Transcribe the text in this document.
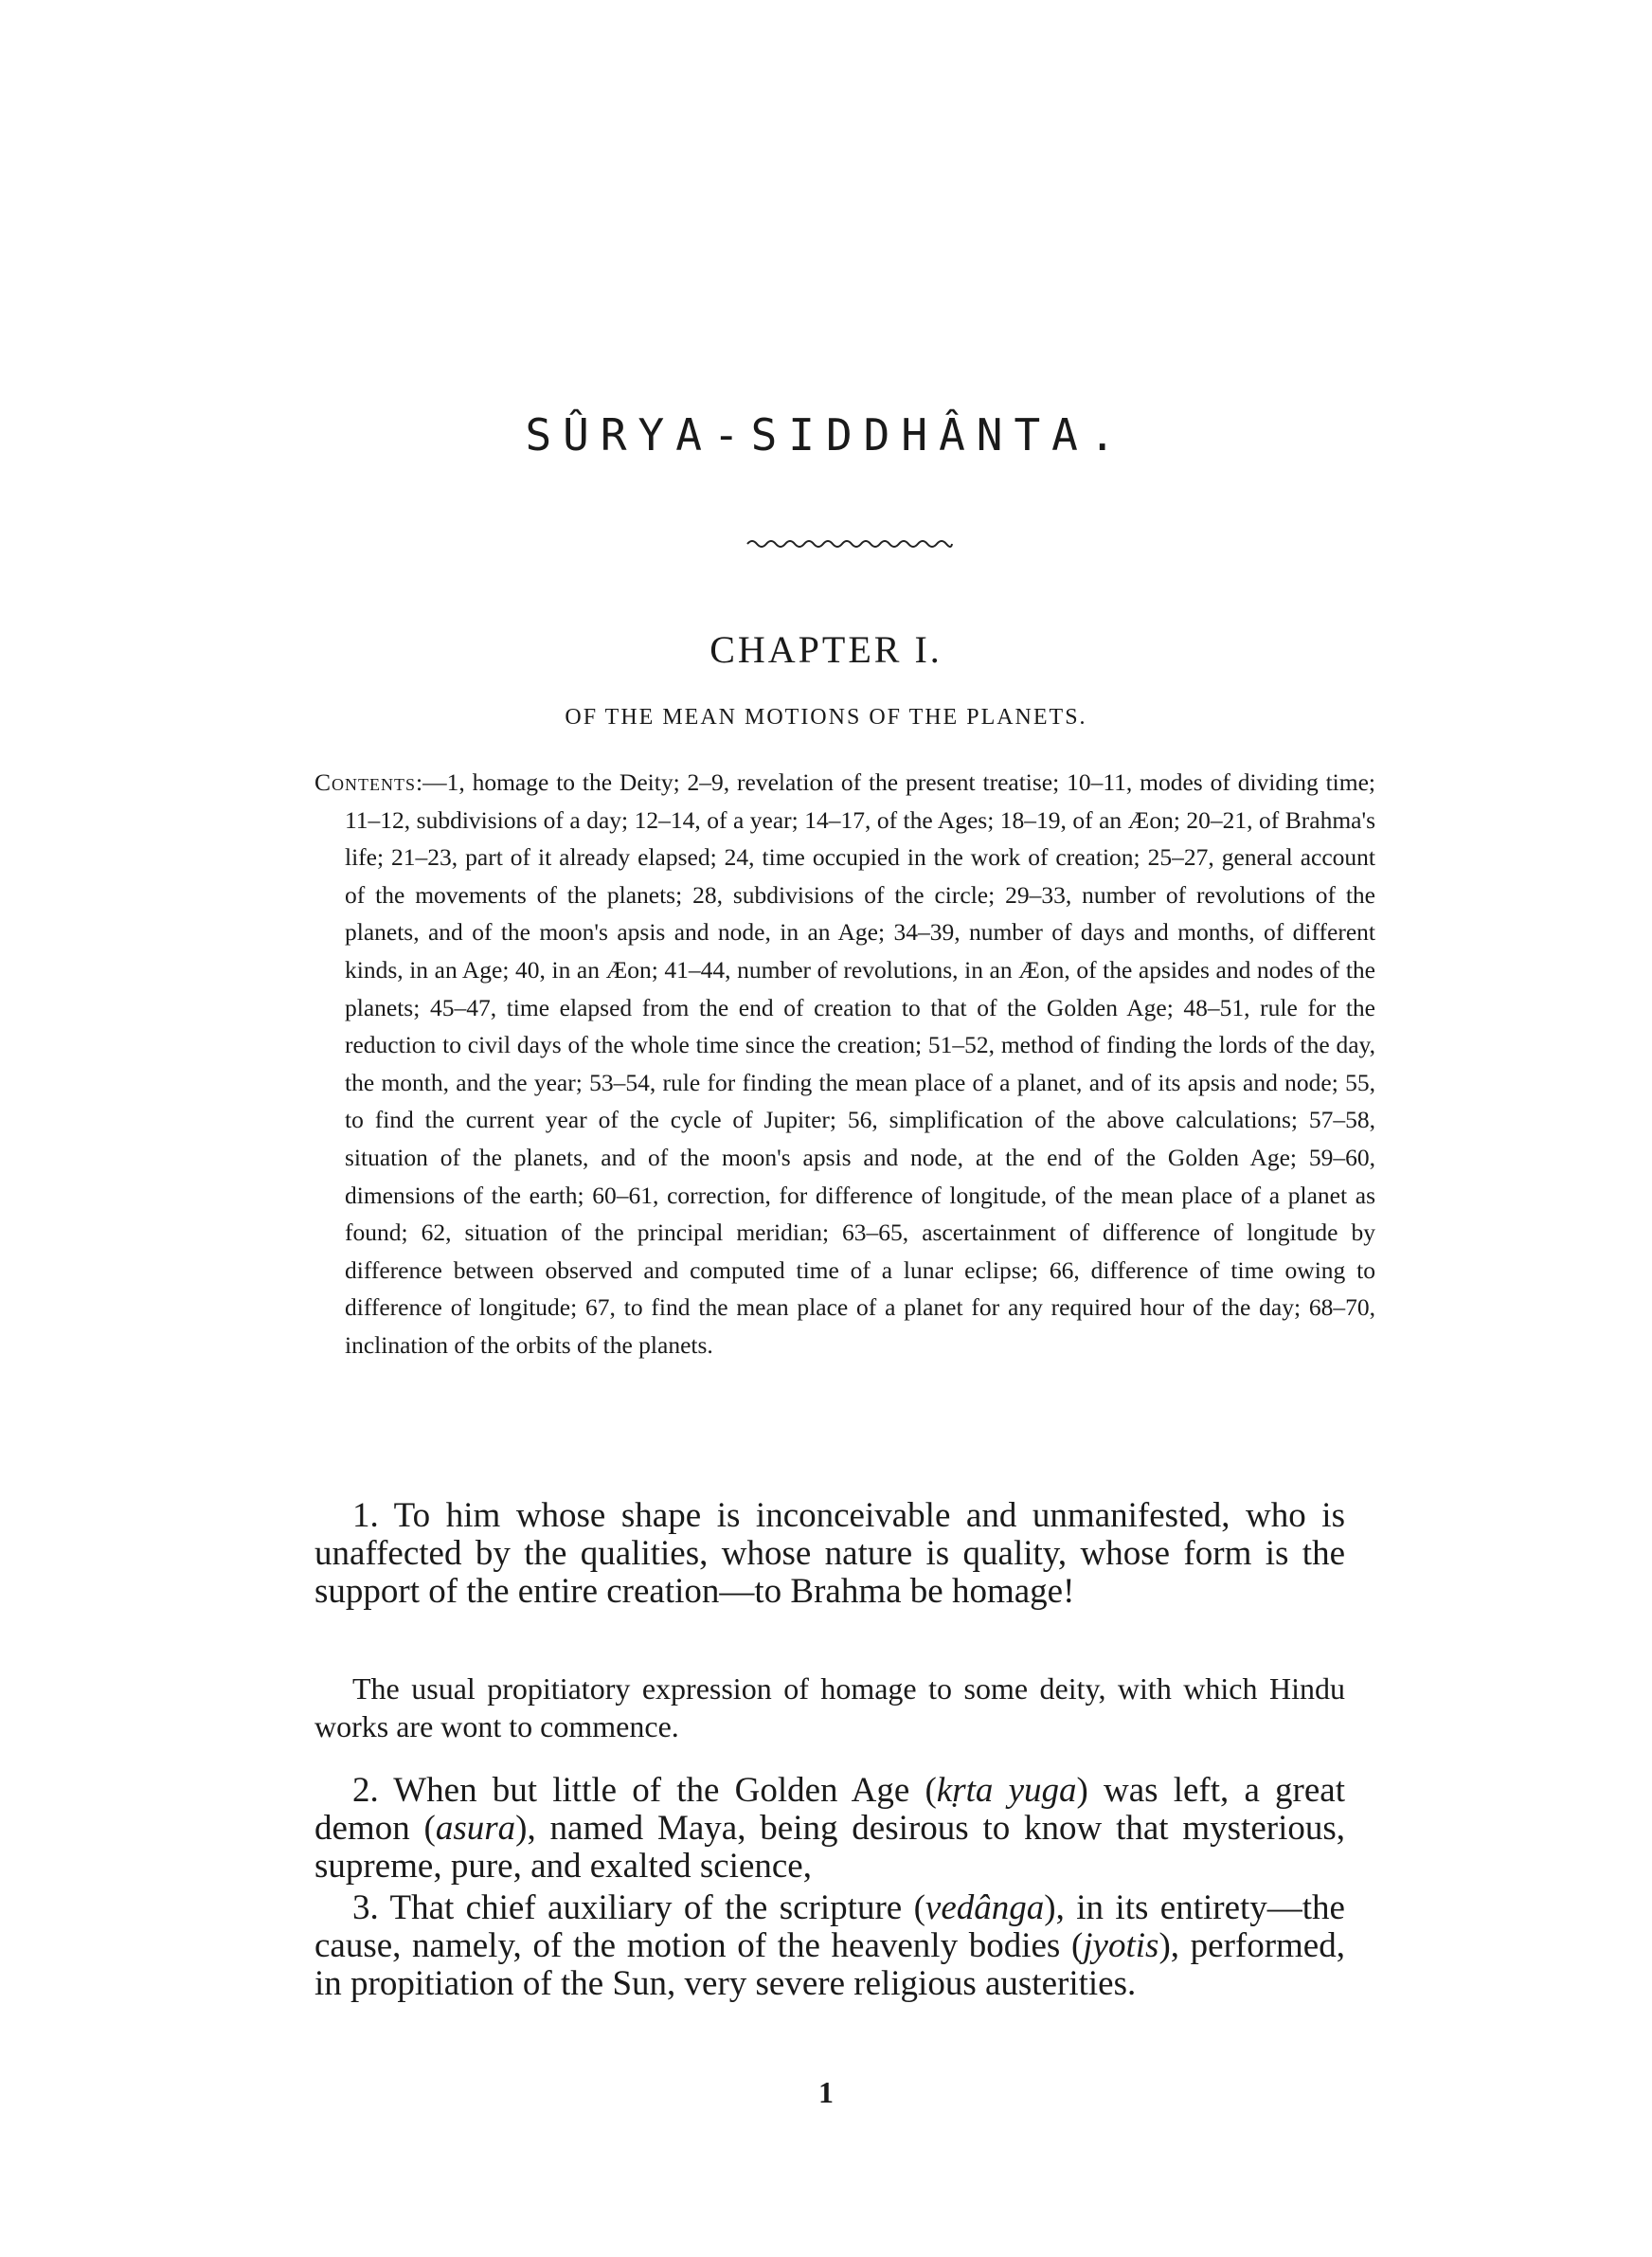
SÛRYA-SIDDHÂNTA.
CHAPTER I.

OF THE MEAN MOTIONS OF THE PLANETS.

Contents:—1, homage to the Deity; 2–9, revelation of the present treatise; 10–11, modes of dividing time; 11–12, subdivisions of a day; 12–14, of a year; 14–17, of the Ages; 18–19, of an Æon; 20–21, of Brahma's life; 21–23, part of it already elapsed; 24, time occupied in the work of creation; 25–27, general account of the movements of the planets; 28, subdivisions of the circle; 29–33, number of revolutions of the planets, and of the moon's apsis and node, in an Age; 34–39, number of days and months, of different kinds, in an Age; 40, in an Æon; 41–44, number of revolutions, in an Æon, of the apsides and nodes of the planets; 45–47, time elapsed from the end of creation to that of the Golden Age; 48–51, rule for the reduction to civil days of the whole time since the creation; 51–52, method of finding the lords of the day, the month, and the year; 53–54, rule for finding the mean place of a planet, and of its apsis and node; 55, to find the current year of the cycle of Jupiter; 56, simplification of the above calculations; 57–58, situation of the planets, and of the moon's apsis and node, at the end of the Golden Age; 59–60, dimensions of the earth; 60–61, correction, for difference of longitude, of the mean place of a planet as found; 62, situation of the principal meridian; 63–65, ascertainment of difference of longitude by difference between observed and computed time of a lunar eclipse; 66, difference of time owing to difference of longitude; 67, to find the mean place of a planet for any required hour of the day; 68–70, inclination of the orbits of the planets.

1. To him whose shape is inconceivable and unmanifested, who is unaffected by the qualities, whose nature is quality, whose form is the support of the entire creation—to Brahma be homage!

The usual propitiatory expression of homage to some deity, with which Hindu works are wont to commence.

2. When but little of the Golden Age (kṛta yuga) was left, a great demon (asura), named Maya, being desirous to know that mysterious, supreme, pure, and exalted science,

3. That chief auxiliary of the scripture (vedânga), in its entirety—the cause, namely, of the motion of the heavenly bodies (jyotis), performed, in propitiation of the Sun, very severe religious austerities.

1
